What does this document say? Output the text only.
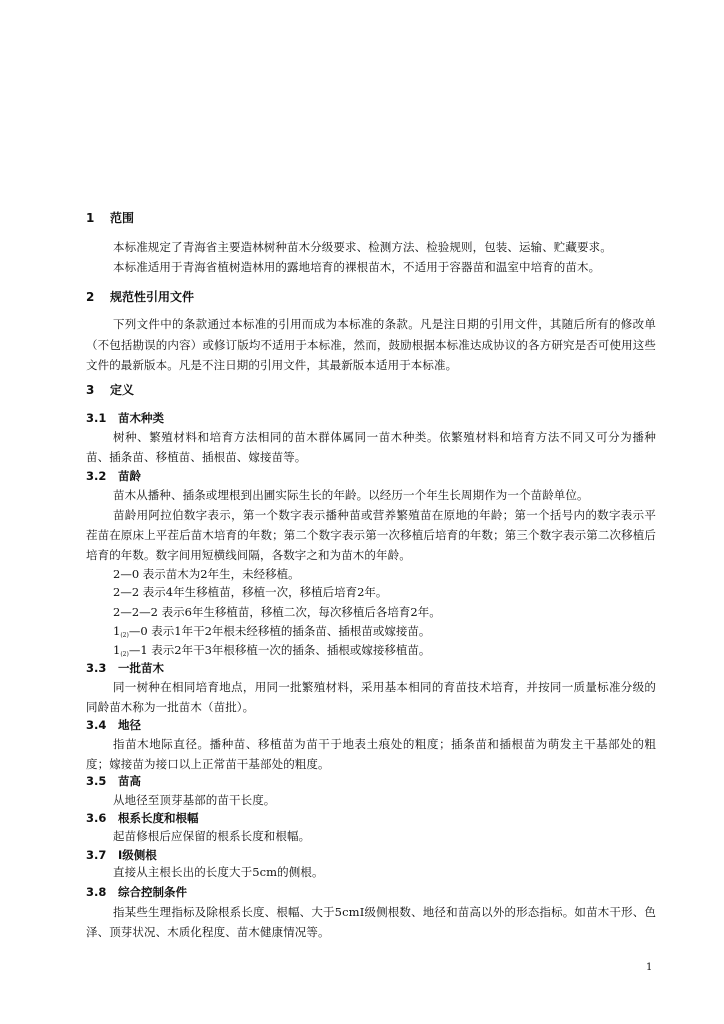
1 范围
本标准规定了青海省主要造林树种苗木分级要求、检测方法、检验规则，包装、运输、贮藏要求。
本标准适用于青海省植树造林用的露地培育的裸根苗木，不适用于容器苗和温室中培育的苗木。
2 规范性引用文件
下列文件中的条款通过本标准的引用而成为本标准的条款。凡是注日期的引用文件，其随后所有的修改单（不包括勘误的内容）或修订版均不适用于本标准，然而，鼓励根据本标准达成协议的各方研究是否可使用这些文件的最新版本。凡是不注日期的引用文件，其最新版本适用于本标准。
3 定义
3.1 苗木种类
树种、繁殖材料和培育方法相同的苗木群体属同一苗木种类。依繁殖材料和培育方法不同又可分为播种苗、插条苗、移植苗、插根苗、嫁接苗等。
3.2 苗龄
苗木从播种、插条或埋根到出圃实际生长的年龄。以经历一个年生长周期作为一个苗龄单位。
苗龄用阿拉伯数字表示，第一个数字表示播种苗或营养繁殖苗在原地的年龄；第一个括号内的数字表示平茬苗在原床上平茬后苗木培育的年数；第二个数字表示第一次移植后培育的年数；第三个数字表示第二次移植后培育的年数。数字间用短横线间隔，各数字之和为苗木的年龄。
2—0 表示苗木为2年生，未经移植。
2—2 表示4年生移植苗，移植一次，移植后培育2年。
2—2—2 表示6年生移植苗，移植二次，每次移植后各培育2年。
$1_{(2)}—0$ 表示1年干2年根未经移植的插条苗、插根苗或嫁接苗。
$1_{(2)}—1$ 表示2年干3年根移植一次的插条、插根或嫁接移植苗。
3.3 一批苗木
同一树种在相同培育地点，用同一批繁殖材料，采用基本相同的育苗技术培育，并按同一质量标准分级的同龄苗木称为一批苗木（苗批）。
3.4 地径
指苗木地际直径。播种苗、移植苗为苗干于地表土痕处的粗度；插条苗和插根苗为萌发主干基部处的粗度；嫁接苗为接口以上正常苗干基部处的粗度。
3.5 苗高
从地径至顶芽基部的苗干长度。
3.6 根系长度和根幅
起苗修根后应保留的根系长度和根幅。
3.7 Ⅰ级侧根
直接从主根长出的长度大于5cm的侧根。
3.8 综合控制条件
指某些生理指标及除根系长度、根幅、大于5cmⅠ级侧根数、地径和苗高以外的形态指标。如苗木干形、色泽、顶芽状况、木质化程度、苗木健康情况等。
1
